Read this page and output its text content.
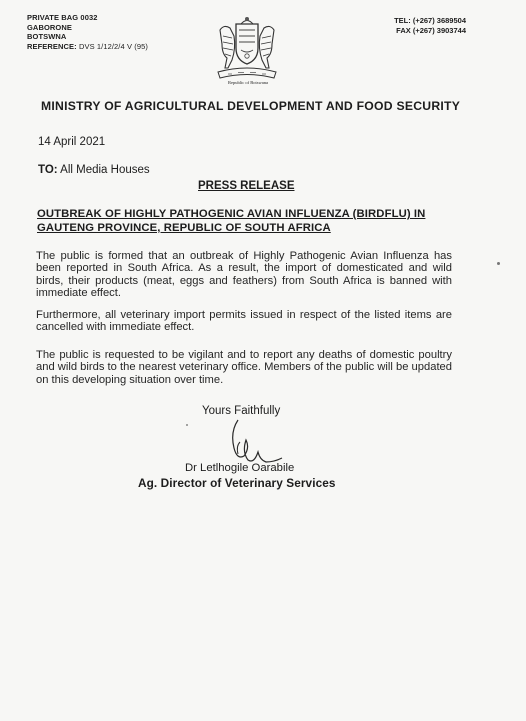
PRIVATE BAG 0032
GABORONE
BOTSWNA
REFERENCE: DVS 1/12/2/4 V (95)
TEL: (+267) 3689504
FAX (+267) 3903744
Republic of Botswana
MINISTRY OF AGRICULTURAL DEVELOPMENT AND FOOD SECURITY
14 April 2021
TO: All Media Houses
PRESS RELEASE
OUTBREAK OF HIGHLY PATHOGENIC AVIAN INFLUENZA (BIRDFLU) IN
GAUTENG PROVINCE, REPUBLIC OF SOUTH AFRICA
The public is formed that an outbreak of Highly Pathogenic Avian Influenza has been reported in South Africa. As a result, the import of domesticated and wild birds, their products (meat, eggs and feathers) from South Africa is banned with immediate effect.
Furthermore, all veterinary import permits issued in respect of the listed items are cancelled with immediate effect.
The public is requested to be vigilant and to report any deaths of domestic poultry and wild birds to the nearest veterinary office. Members of the public will be updated on this developing situation over time.
Yours Faithfully
Dr Letlhogile Oarabile
Ag. Director of Veterinary Services
